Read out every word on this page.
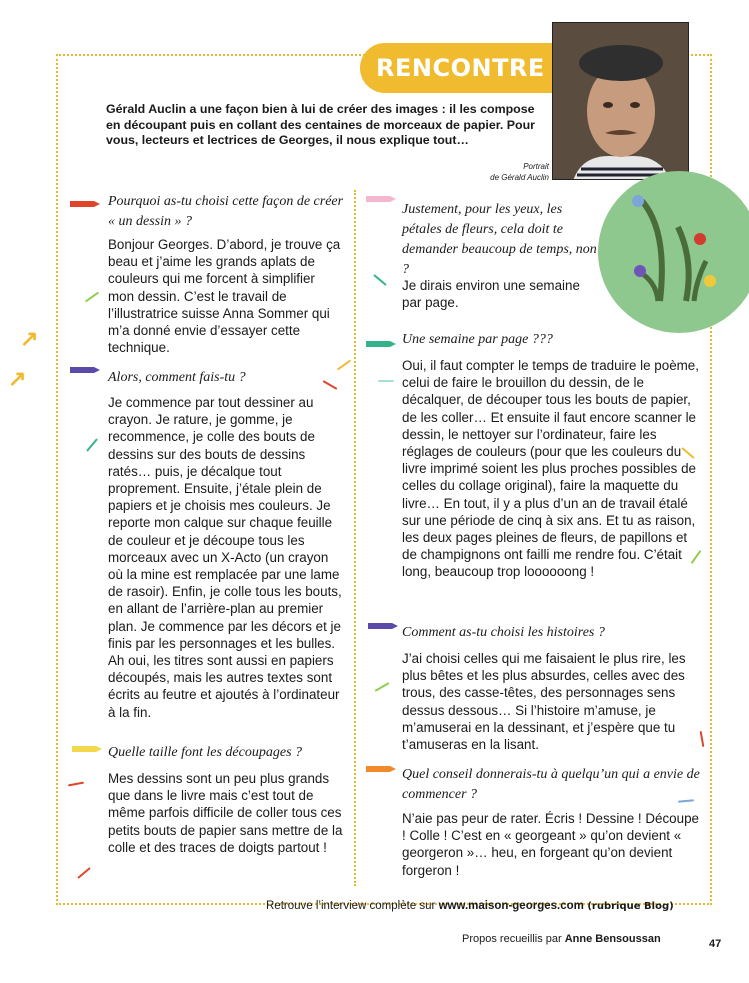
RENCONTRE
Gérald Auclin a une façon bien à lui de créer des images : il les compose en découpant puis en collant des centaines de morceaux de papier. Pour vous, lecteurs et lectrices de Georges, il nous explique tout…
Portrait
de Gérald Auclin
↗
↗
Pourquoi as-tu choisi cette façon de créer « un dessin » ?
Bonjour Georges. D’abord, je trouve ça beau et j’aime les grands aplats de couleurs qui me forcent à simplifier mon dessin. C’est le travail de l’illustratrice suisse Anna Sommer qui m’a donné envie d’essayer cette technique.
Alors, comment fais-tu ?
Je commence par tout dessiner au crayon. Je rature, je gomme, je recommence, je colle des bouts de dessins sur des bouts de dessins ratés… puis, je décalque tout proprement. Ensuite, j’étale plein de papiers et je choisis mes couleurs. Je reporte mon calque sur chaque feuille de couleur et je découpe tous les morceaux avec un X-Acto (un crayon où la mine est remplacée par une lame de rasoir). Enfin, je colle tous les bouts, en allant de l’arrière-plan au premier plan. Je commence par les décors et je finis par les personnages et les bulles. Ah oui, les titres sont aussi en papiers découpés, mais les autres textes sont écrits au feutre et ajoutés à l’ordinateur à la fin.
Quelle taille font les découpages ?
Mes dessins sont un peu plus grands que dans le livre mais c’est tout de même parfois difficile de coller tous ces petits bouts de papier sans mettre de la colle et des traces de doigts partout !
Justement, pour les yeux, les pétales de fleurs, cela doit te demander beaucoup de temps, non ?
Je dirais environ une semaine par page.
Une semaine par page ???
Oui, il faut compter le temps de traduire le poème, celui de faire le brouillon du dessin, de le décalquer, de découper tous les bouts de papier, de les coller… Et ensuite il faut encore scanner le dessin, le nettoyer sur l’ordinateur, faire les réglages de couleurs (pour que les couleurs du livre imprimé soient les plus proches possibles de celles du collage original), faire la maquette du livre… En tout, il y a plus d’un an de travail étalé sur une période de cinq à six ans. Et tu as raison, les deux pages pleines de fleurs, de papillons et de champignons ont failli me rendre fou. C’était long, beaucoup trop loooooong !
Comment as-tu choisi les histoires ?
J’ai choisi celles qui me faisaient le plus rire, les plus bêtes et les plus absurdes, celles avec des trous, des casse-têtes, des personnages sens dessus dessous… Si l’histoire m’amuse, je m’amuserai en la dessinant, et j’espère que tu t’amuseras en la lisant.
Quel conseil donnerais-tu à quelqu’un qui a envie de commencer ?
N’aie pas peur de rater. Écris ! Dessine ! Découpe ! Colle ! C’est en « georgeant » qu’on devient « georgeron »… heu, en forgeant qu’on devient forgeron !
Retrouve l’interview complète sur www.maison-georges.com (rubrique Blog)
Propos recueillis par Anne Bensoussan	47
